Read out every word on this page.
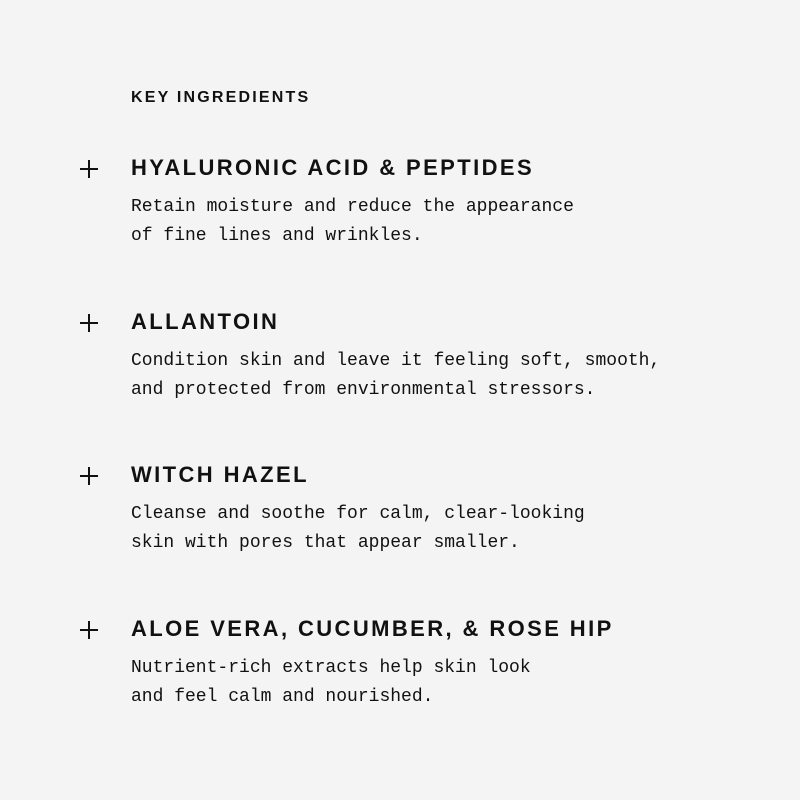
KEY INGREDIENTS
HYALURONIC ACID & PEPTIDES
Retain moisture and reduce the appearance
of fine lines and wrinkles.
ALLANTOIN
Condition skin and leave it feeling soft, smooth,
and protected from environmental stressors.
WITCH HAZEL
Cleanse and soothe for calm, clear-looking
skin with pores that appear smaller.
ALOE VERA, CUCUMBER, & ROSE HIP
Nutrient-rich extracts help skin look
and feel calm and nourished.
